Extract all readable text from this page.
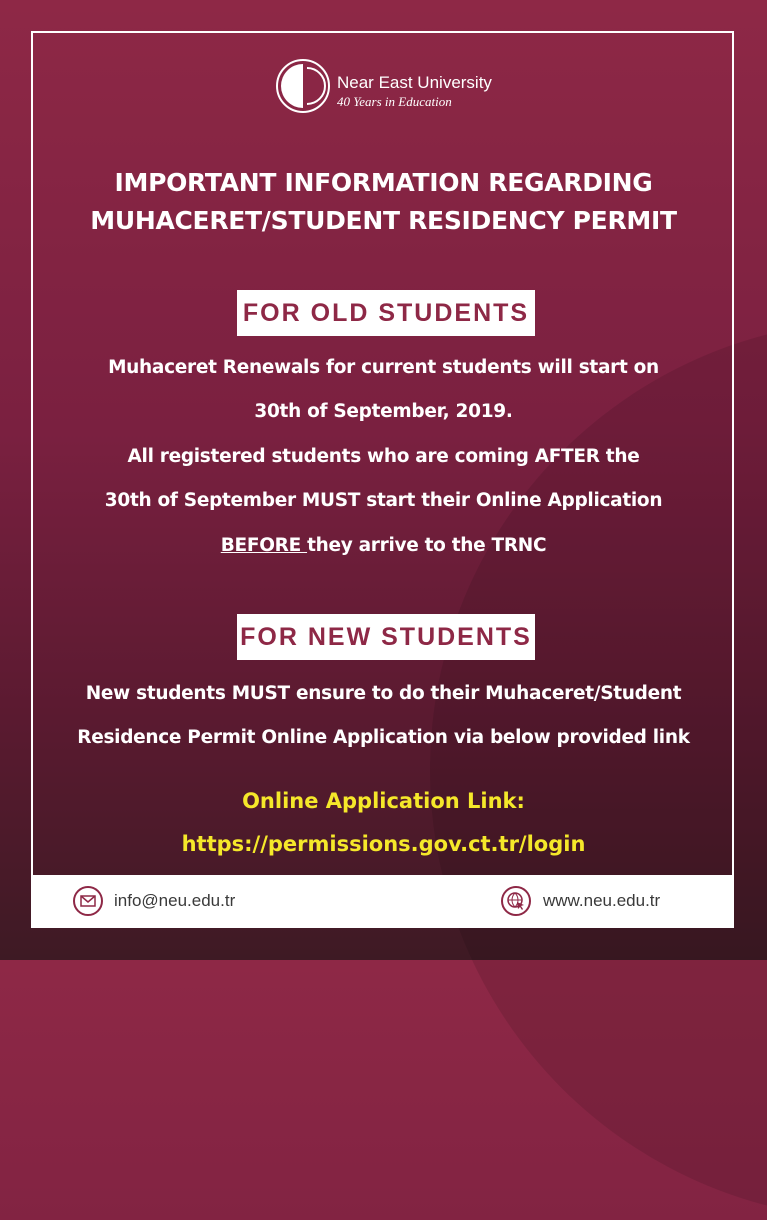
Near East University
40 Years in Education
IMPORTANT INFORMATION REGARDING
MUHACERET/STUDENT RESIDENCY PERMIT
FOR OLD STUDENTS
Muhaceret Renewals for current students will start on
30th of September, 2019.
All registered students who are coming AFTER the
30th of September MUST start their Online Application
BEFORE they arrive to the TRNC
FOR NEW STUDENTS
New students MUST ensure to do their Muhaceret/Student
Residence Permit Online Application via below provided link
Online Application Link:
https://permissions.gov.ct.tr/login
info@neu.edu.tr	www.neu.edu.tr
